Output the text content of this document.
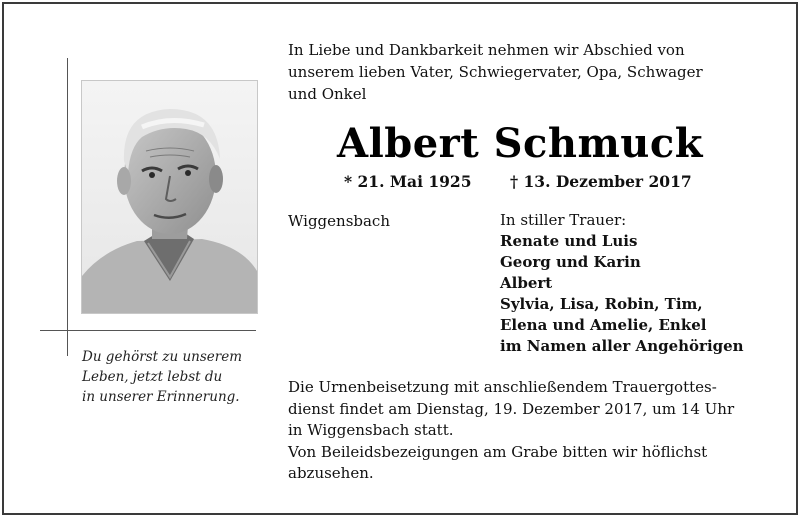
Du gehörst zu unserem
Leben, jetzt lebst du
in unserer Erinnerung.
In Liebe und Dankbarkeit nehmen wir Abschied von
unserem lieben Vater, Schwiegervater, Opa, Schwager
und Onkel
Albert Schmuck
* 21. Mai 1925 † 13. Dezember 2017
Wiggensbach	In stiller Trauer:
Renate und Luis
Georg und Karin
Albert
Sylvia, Lisa, Robin, Tim,
Elena und Amelie, Enkel
im Namen aller Angehörigen
Die Urnenbeisetzung mit anschließendem Trauergottes-
dienst findet am Dienstag, 19. Dezember 2017, um 14 Uhr
in Wiggensbach statt.
Von Beileidsbezeigungen am Grabe bitten wir höflichst
abzusehen.
